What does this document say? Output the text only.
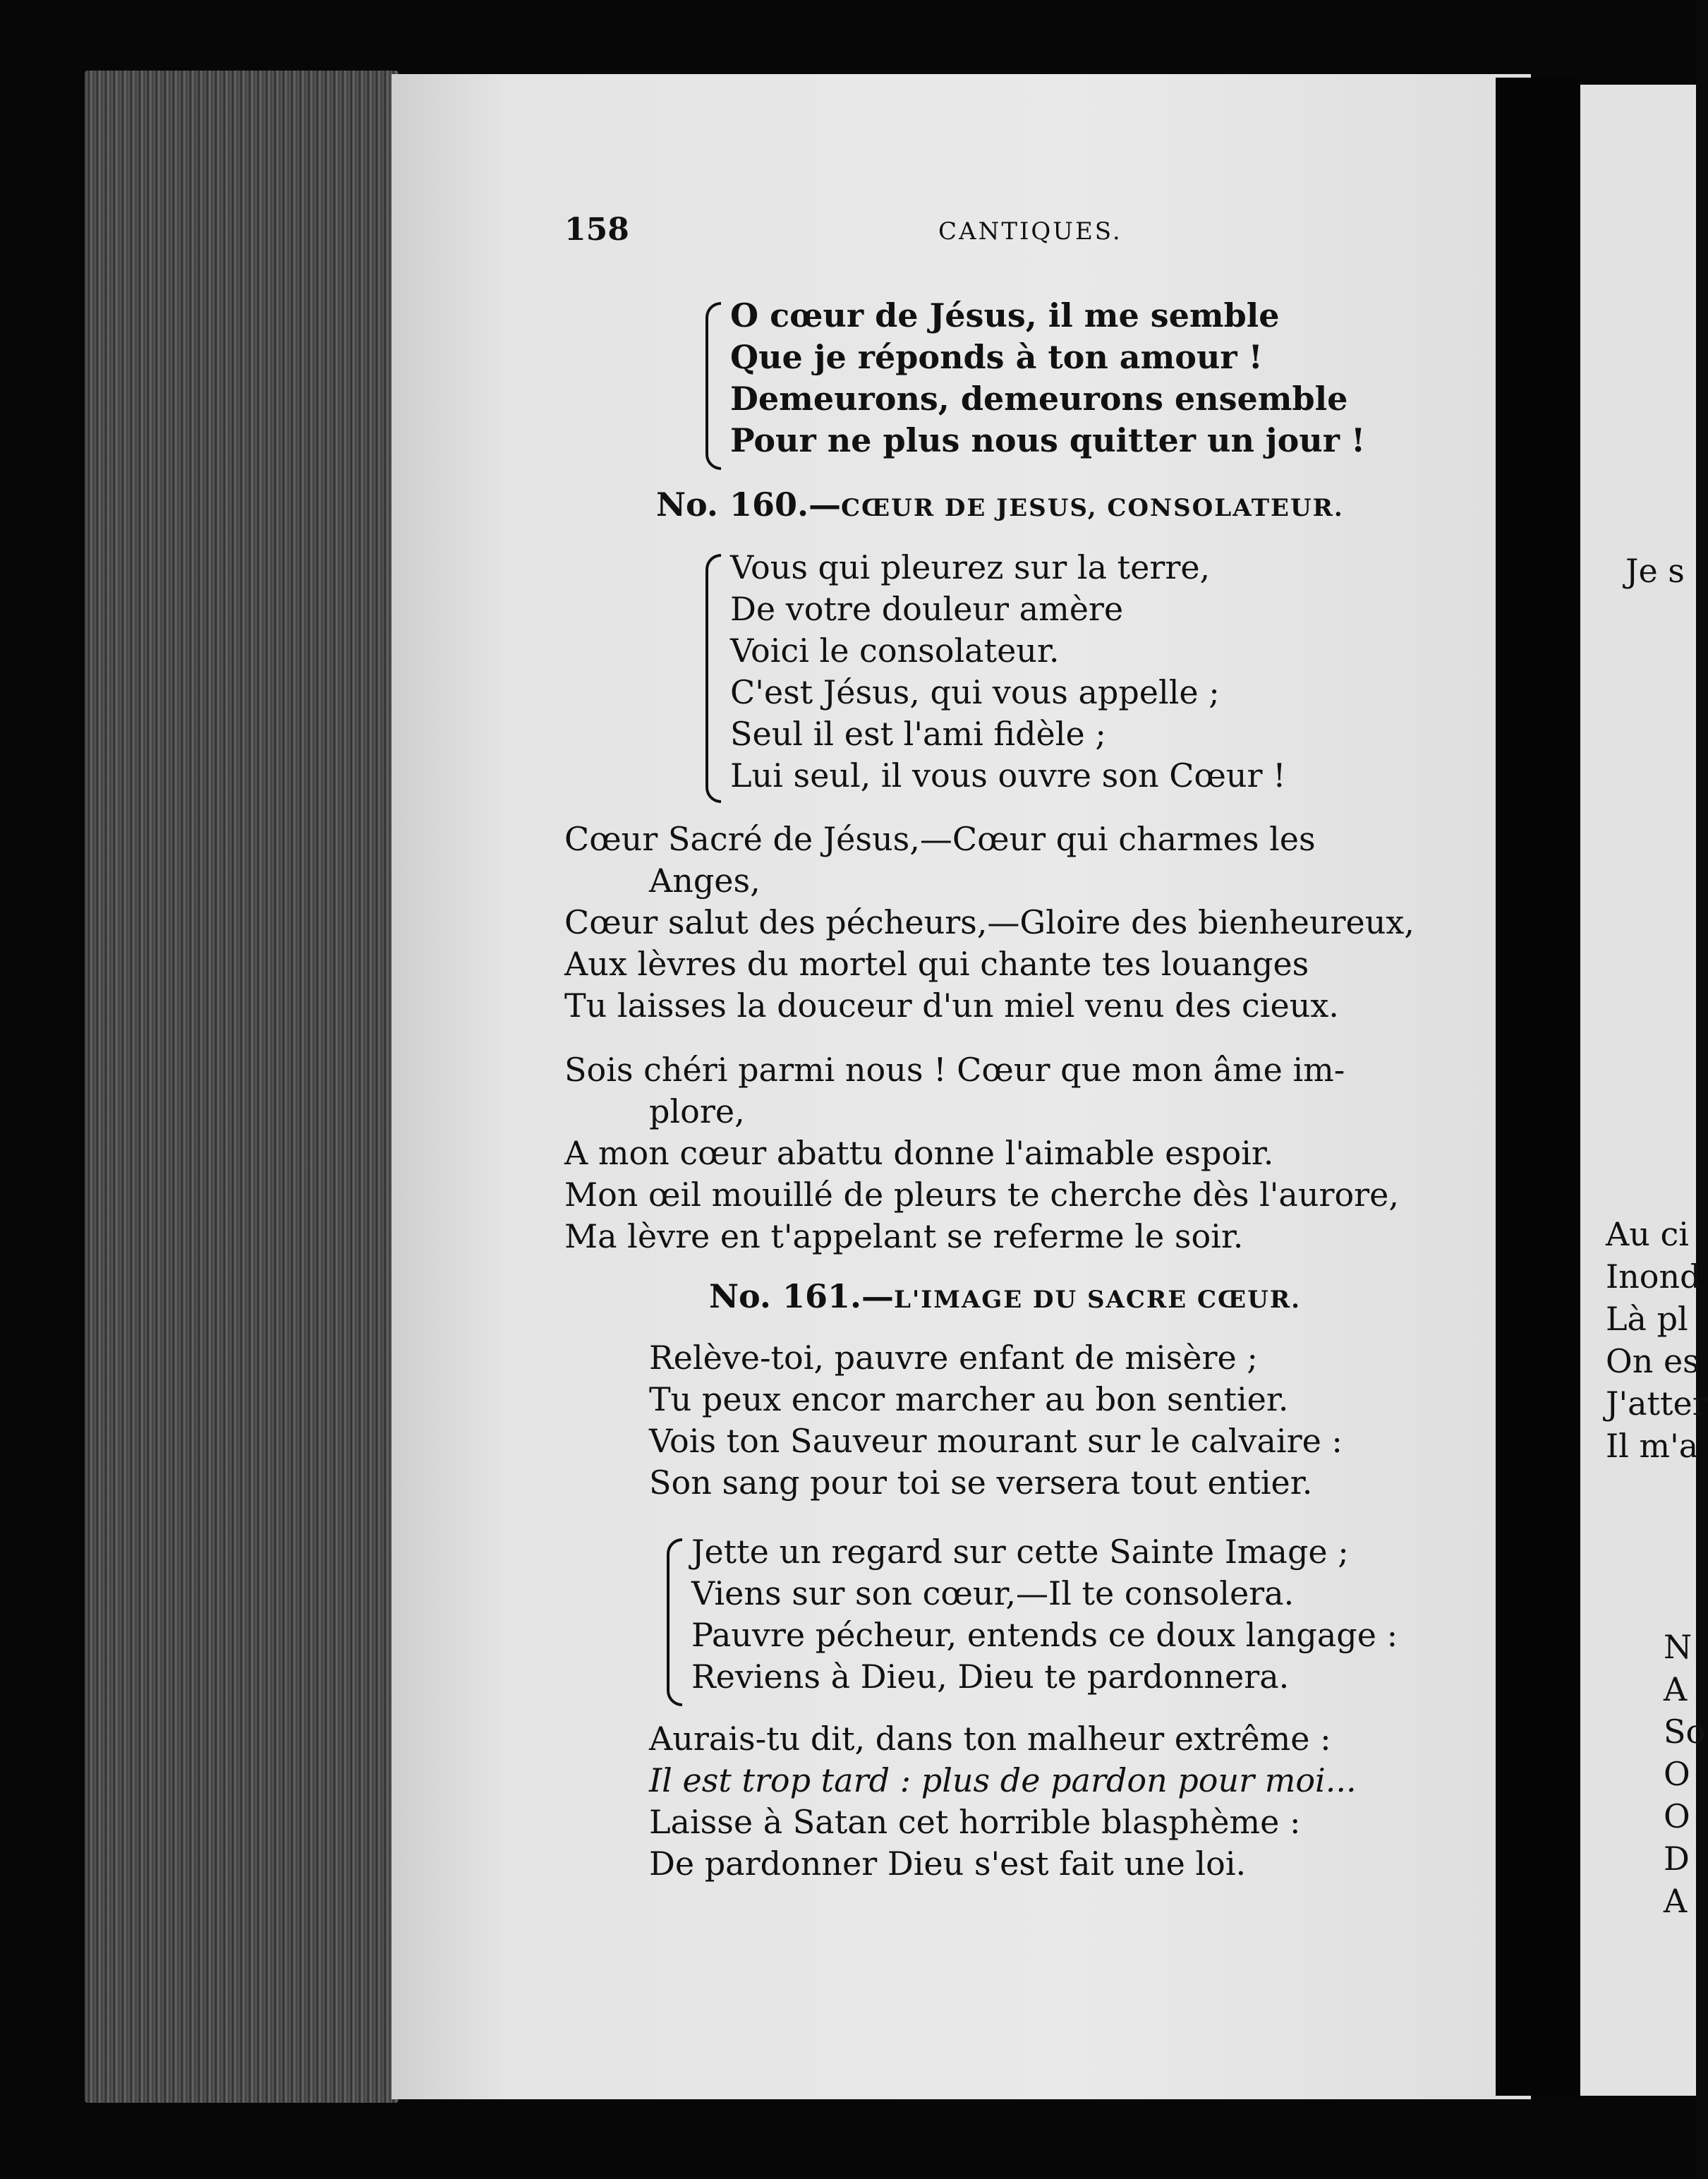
158	CANTIQUES.
O cœur de Jésus, il me semble
Que je réponds à ton amour !
Demeurons, demeurons ensemble
Pour ne plus nous quitter un jour !
No. 160.—CŒUR DE JESUS, CONSOLATEUR.
Vous qui pleurez sur la terre,
De votre douleur amère
Voici le consolateur.
C'est Jésus, qui vous appelle ;
Seul il est l'ami fidèle ;
Lui seul, il vous ouvre son Cœur !
Cœur Sacré de Jésus,—Cœur qui charmes les
Anges,
Cœur salut des pécheurs,—Gloire des bienheureux,
Aux lèvres du mortel qui chante tes louanges
Tu laisses la douceur d'un miel venu des cieux.
Sois chéri parmi nous ! Cœur que mon âme im-
plore,
A mon cœur abattu donne l'aimable espoir.
Mon œil mouillé de pleurs te cherche dès l'aurore,
Ma lèvre en t'appelant se referme le soir.
No. 161.—L'IMAGE DU SACRE CŒUR.
Relève-toi, pauvre enfant de misère ;
Tu peux encor marcher au bon sentier.
Vois ton Sauveur mourant sur le calvaire :
Son sang pour toi se versera tout entier.
Jette un regard sur cette Sainte Image ;
Viens sur son cœur,—Il te consolera.
Pauvre pécheur, entends ce doux langage :
Reviens à Dieu, Dieu te pardonnera.
Aurais-tu dit, dans ton malheur extrême :
Il est trop tard : plus de pardon pour moi...
Laisse à Satan cet horrible blasphème :
De pardonner Dieu s'est fait une loi.
Je s
Au ci
Inond
Là pl
On es
J'atter
Il m'a
N
A
So
O
O
D
A
